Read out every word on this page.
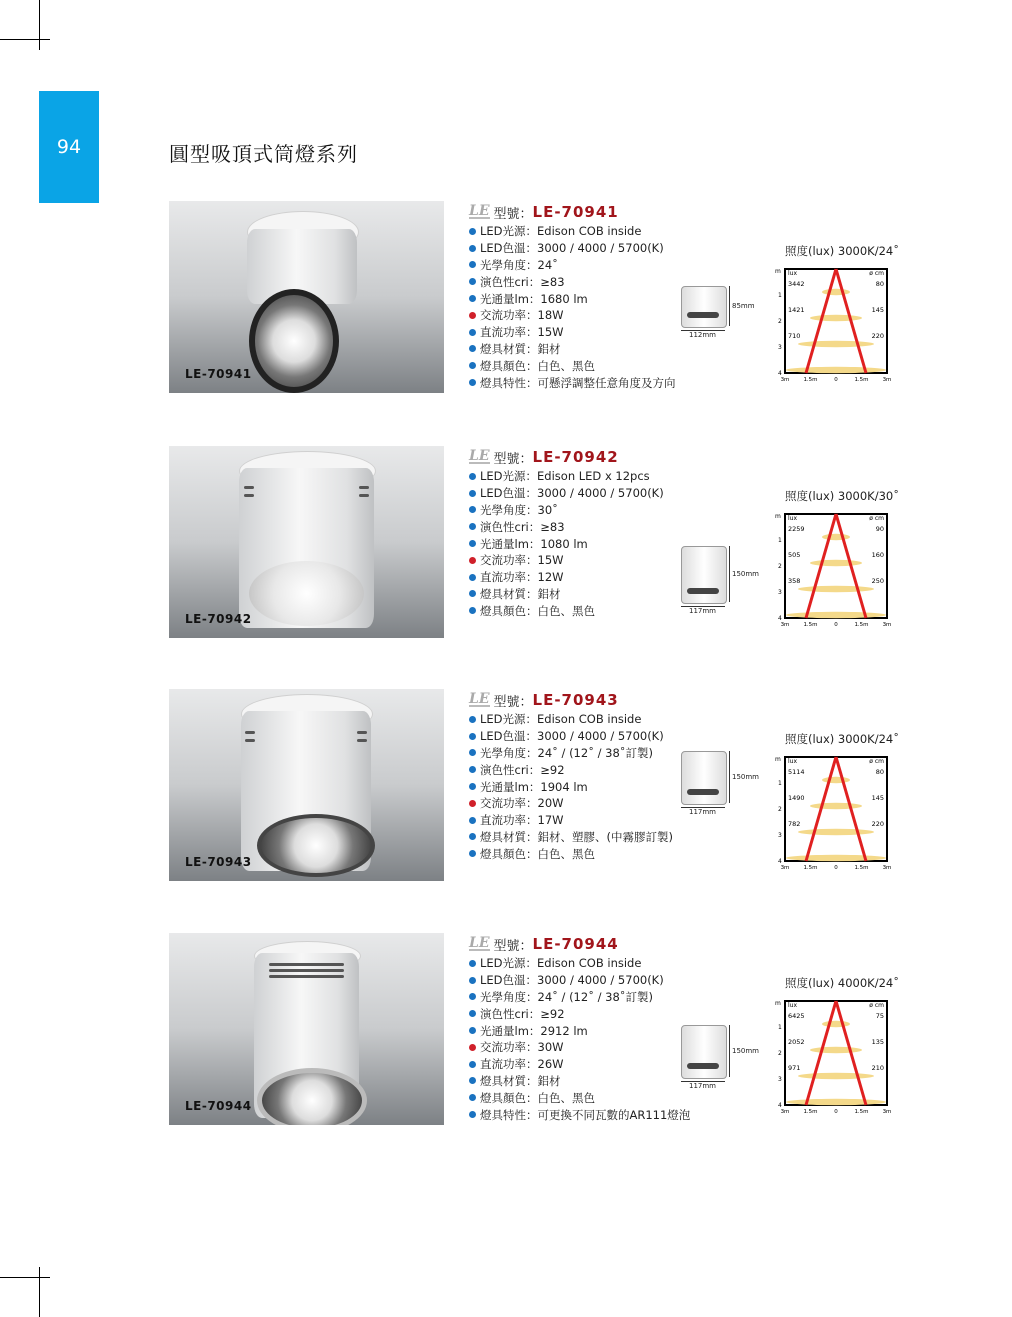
94	圓型吸頂式筒燈系列
LE-70941
LE 型號： LE-70941
LED光源：Edison COB inside
LED色溫：3000 / 4000 / 5700(K)
光學角度：24˚
演色性cri：≥83
光通量lm：1680 lm
交流功率：18W
直流功率：15W
燈具材質：鋁材
燈具顏色：白色、黑色
燈具特性：可懸浮調整任意角度及方向
85mm
112mm
照度(lux) 3000K/24˚
m lux	ø cm
1
3442	80
2
1421	145
3
710	220
4
3m	1.5m	0	1.5m	3m
LE-70942
LE 型號： LE-70942
LED光源：Edison LED x 12pcs
LED色溫：3000 / 4000 / 5700(K)
光學角度：30˚
演色性cri：≥83
光通量lm：1080 lm
交流功率：15W
直流功率：12W
燈具材質：鋁材
燈具顏色：白色、黑色
150mm
117mm
照度(lux) 3000K/30˚
m lux	ø cm
1
2259	90
2
505	160
3
358	250
4
3m	1.5m	0	1.5m	3m
LE-70943
LE 型號： LE-70943
LED光源：Edison COB inside
LED色溫：3000 / 4000 / 5700(K)
光學角度：24˚ / (12˚ / 38˚訂製)
演色性cri：≥92
光通量lm：1904 lm
交流功率：20W
直流功率：17W
燈具材質：鋁材、塑膠、(中霧膠訂製)
燈具顏色：白色、黑色
150mm
117mm
照度(lux) 3000K/24˚
m lux	ø cm
1
5114	80
2
1490	145
3
782	220
4
3m	1.5m	0	1.5m	3m
LE-70944
LE 型號： LE-70944
LED光源：Edison COB inside
LED色溫：3000 / 4000 / 5700(K)
光學角度：24˚ / (12˚ / 38˚訂製)
演色性cri：≥92
光通量lm：2912 lm
交流功率：30W
直流功率：26W
燈具材質：鋁材
燈具顏色：白色、黑色
燈具特性：可更換不同瓦數的AR111燈泡
150mm
117mm
照度(lux) 4000K/24˚
m lux	ø cm
1
6425	75
2
2052	135
3
971	210
4
3m	1.5m	0	1.5m	3m
